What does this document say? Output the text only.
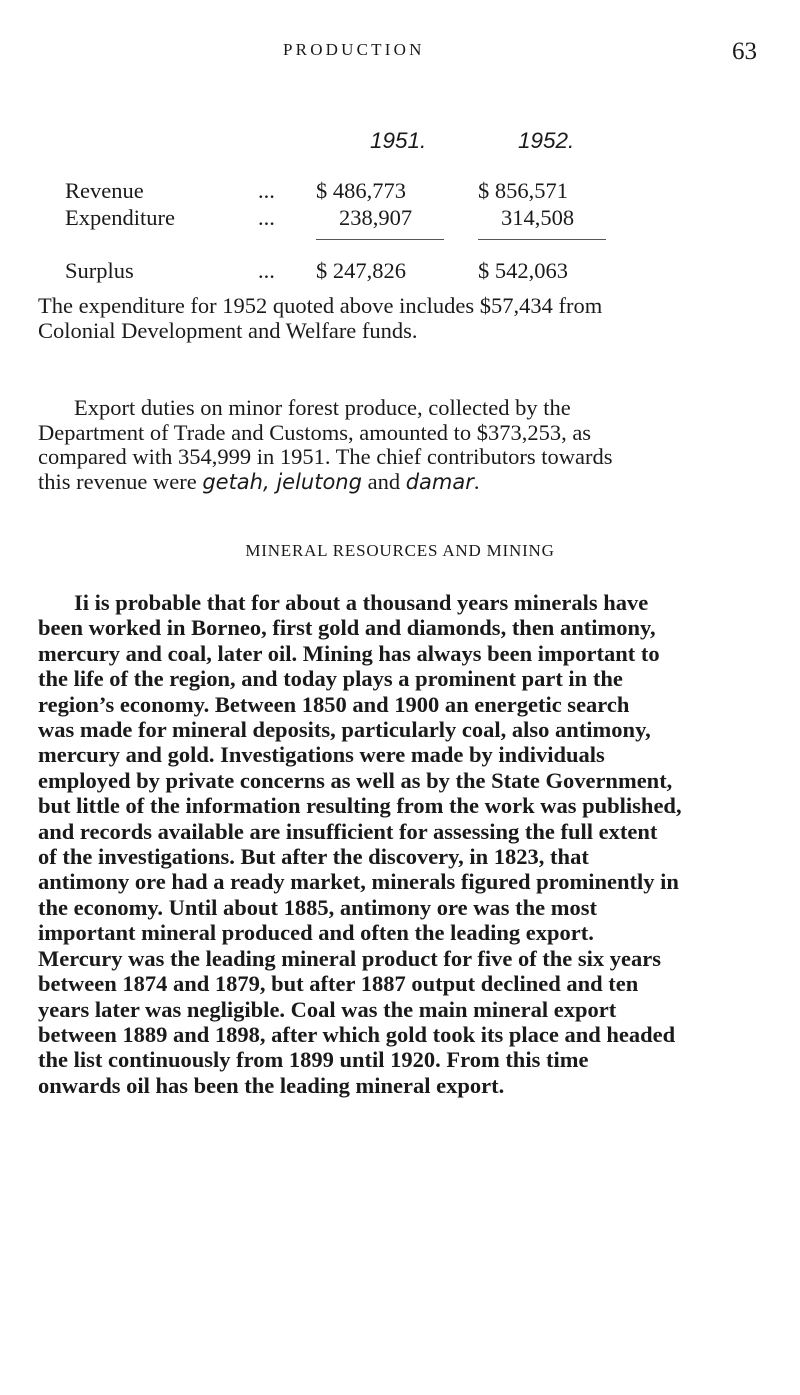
PRODUCTION	63
1951.	1952.
Revenue	... $ 486,773	$ 856,571
Expenditure	...	238,907	314,508
Surplus	... $ 247,826	$ 542,063
The expenditure for 1952 quoted above includes $57,434 from
Colonial Development and Welfare funds.
Export duties on minor forest produce, collected by the
Department of Trade and Customs, amounted to $373,253, as
compared with 354,999 in 1951. The chief contributors towards
this revenue were getah, jelutong and damar.
MINERAL RESOURCES AND MINING
Ii is probable that for about a thousand years minerals have
been worked in Borneo, first gold and diamonds, then antimony,
mercury and coal, later oil. Mining has always been important to
the life of the region, and today plays a prominent part in the
region’s economy. Between 1850 and 1900 an energetic search
was made for mineral deposits, particularly coal, also antimony,
mercury and gold. Investigations were made by individuals
employed by private concerns as well as by the State Government,
but little of the information resulting from the work was published,
and records available are insufficient for assessing the full extent
of the investigations. But after the discovery, in 1823, that
antimony ore had a ready market, minerals figured prominently in
the economy. Until about 1885, antimony ore was the most
important mineral produced and often the leading export.
Mercury was the leading mineral product for five of the six years
between 1874 and 1879, but after 1887 output declined and ten
years later was negligible. Coal was the main mineral export
between 1889 and 1898, after which gold took its place and headed
the list continuously from 1899 until 1920. From this time
onwards oil has been the leading mineral export.
